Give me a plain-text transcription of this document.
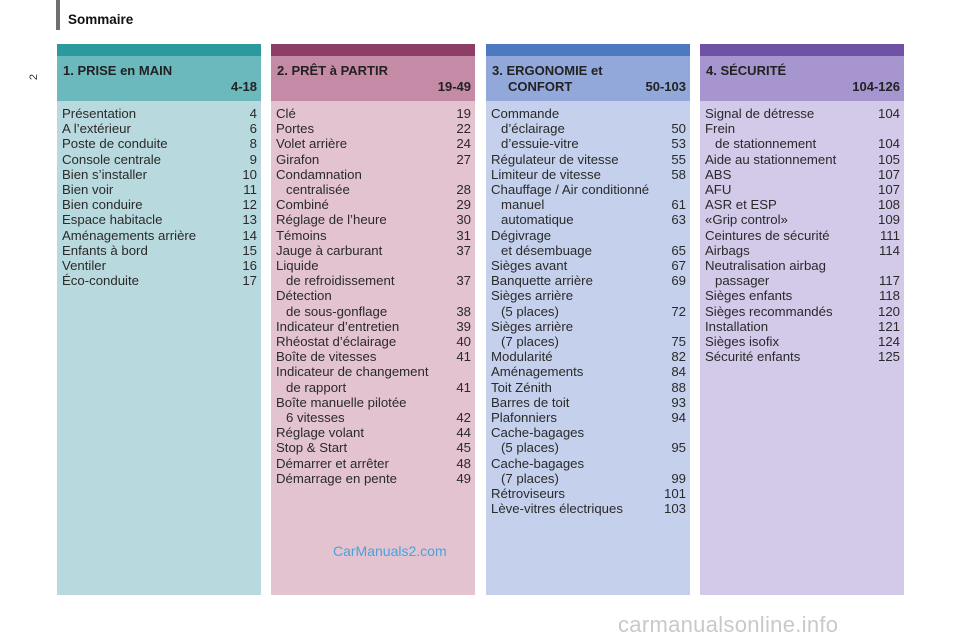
Sommaire
2 1. PRISE en MAIN
4-18
Présentation	4
A l’extérieur	6
Poste de conduite	8
Console centrale	9
Bien s’installer	10
Bien voir	11
Bien conduire	12
Espace habitacle	13
Aménagements arrière	14
Enfants à bord	15
Ventiler	16
Éco-conduite	17
2. PRÊT à PARTIR
19-49
Clé	19
Portes	22
Volet arrière	24
Girafon	27
Condamnation
centralisée	28
Combiné	29
Réglage de l’heure	30
Témoins	31
Jauge à carburant	37
Liquide
de refroidissement	37
Détection
de sous-gonflage	38
Indicateur d’entretien	39
Rhéostat d’éclairage	40
Boîte de vitesses	41
Indicateur de changement
de rapport	41
Boîte manuelle pilotée
6 vitesses	42
Réglage volant	44
Stop & Start	45
Démarrer et arrêter	48
Démarrage en pente	49
3. ERGONOMIE et
CONFORT	50-103
Commande
d’éclairage	50
d’essuie-vitre	53
Régulateur de vitesse	55
Limiteur de vitesse	58
Chauffage / Air conditionné
manuel	61
automatique	63
Dégivrage
et désembuage	65
Sièges avant	67
Banquette arrière	69
Sièges arrière
(5 places)	72
Sièges arrière
(7 places)	75
Modularité	82
Aménagements	84
Toit Zénith	88
Barres de toit	93
Plafonniers	94
Cache-bagages
(5 places)	95
Cache-bagages
(7 places)	99
Rétroviseurs	101
Lève-vitres électriques	103
4. SÉCURITÉ
104-126
Signal de détresse	104
Frein
de stationnement	104
Aide au stationnement	105
ABS	107
AFU	107
ASR et ESP	108
«Grip control»	109
Ceintures de sécurité	111
Airbags	114
Neutralisation airbag
passager	117
Sièges enfants	118
Sièges recommandés	120
Installation	121
Sièges isofix	124
Sécurité enfants	125
CarManuals2.com
carmanualsonline.info
